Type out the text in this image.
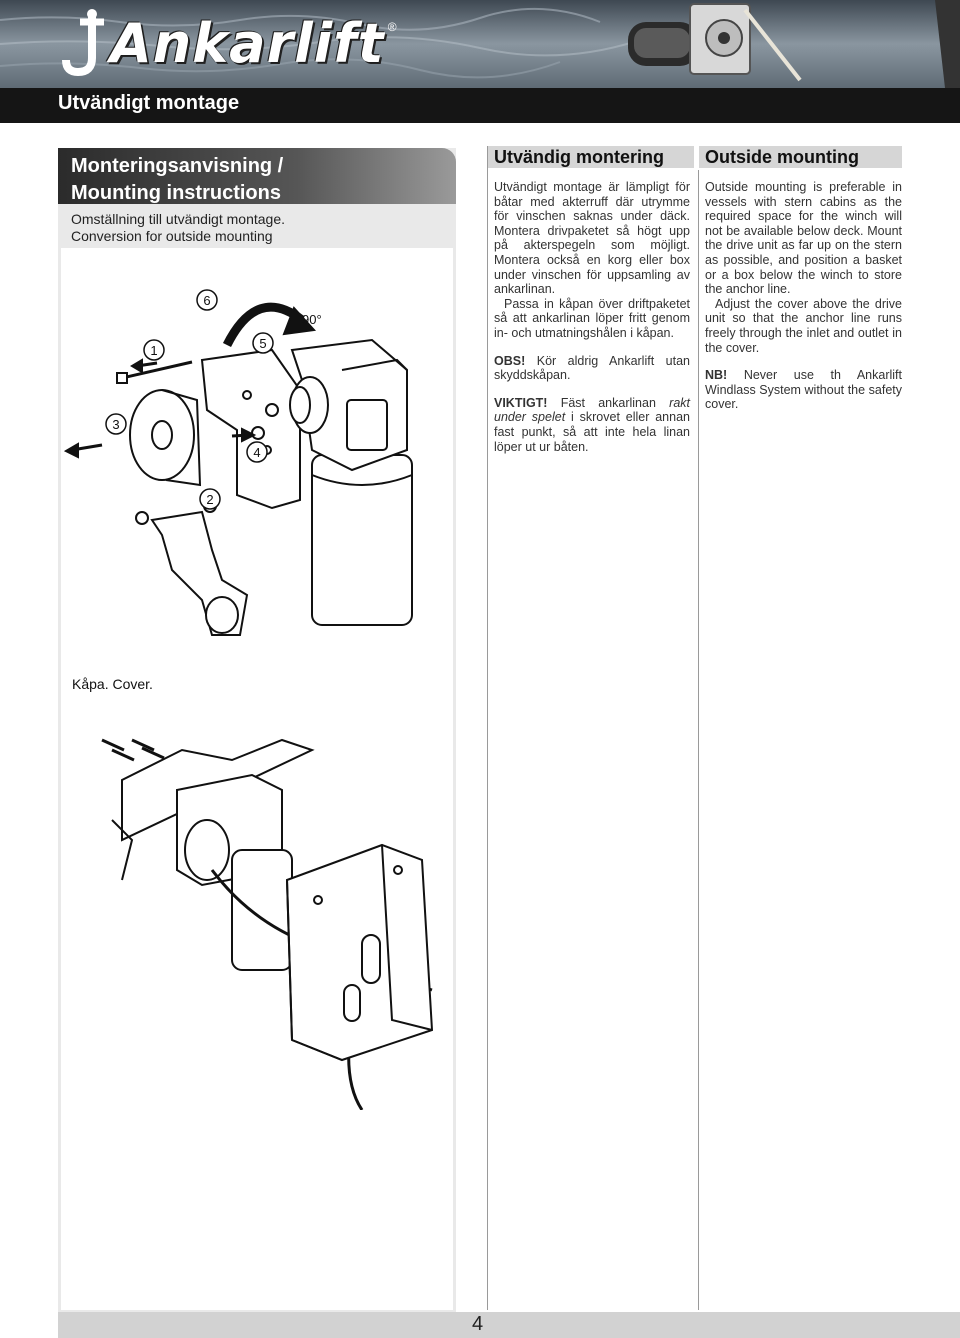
Ankarlift ®
Utvändigt montage
Monteringsanvisning /
Mounting instructions
Omställning till utvändigt montage.
Conversion for outside mounting
1
2
3
4
5
6
90°
Kåpa. Cover.
Utvändig montering

Utvändigt montage är lämpligt för båtar med akterruff där utrymme för vinschen saknas under däck. Montera drivpaketet så högt upp på akterspegeln som möjligt. Montera också en korg eller box under vinschen för uppsamling av ankarlinan.

Passa in kåpan över driftpaketet så att ankarlinan löper fritt genom in- och utmatningshålen i kåpan.

OBS! Kör aldrig Ankarlift utan skyddskåpan.

VIKTIGT! Fäst ankarlinan rakt under spelet i skrovet eller annan fast punkt, så att inte hela linan löper ut ur båten.

Outside mounting

Outside mounting is preferable in vessels with stern cabins as the required space for the winch will not be available below deck. Mount the drive unit as far up on the stern as possible, and position a basket or a box below the winch to store the anchor line.

Adjust the cover above the drive unit so that the anchor line runs freely through the inlet and outlet in the cover.

NB! Never use th Ankarlift Windlass System without the safety cover.

4
